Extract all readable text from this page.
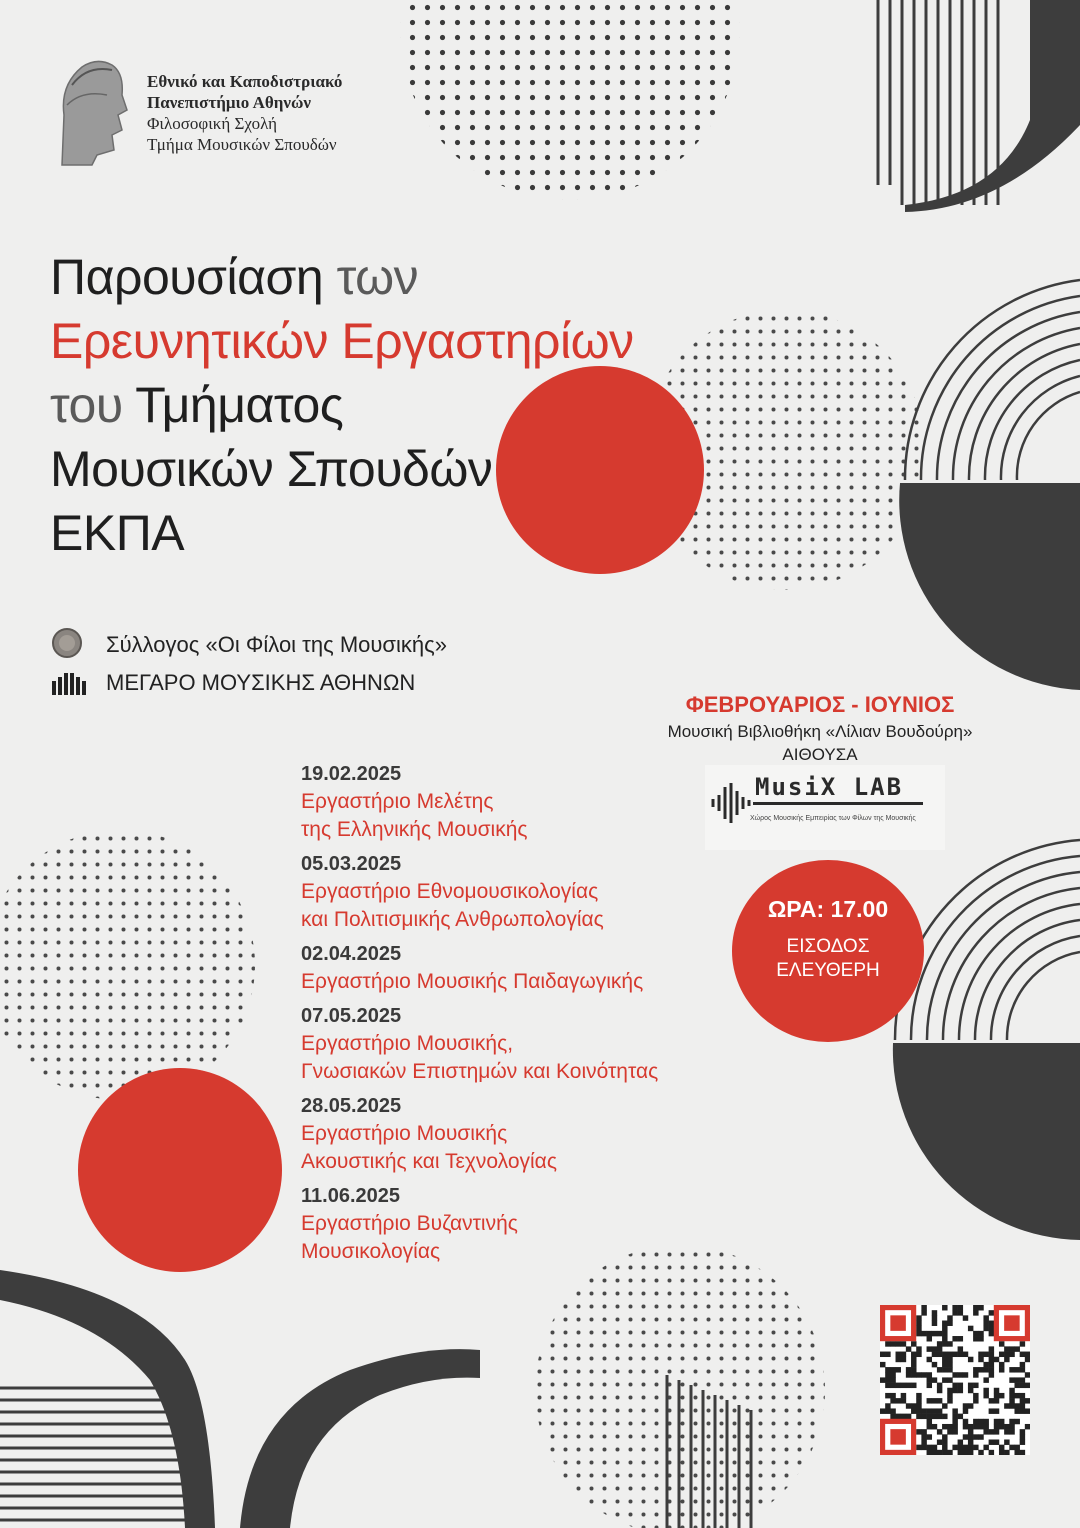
Εθνικό και Καποδιστριακό
Πανεπιστήμιο Αθηνών
Φιλοσοφική Σχολή
Τμήμα Μουσικών Σπουδών
Παρουσίαση των
Ερευνητικών Εργαστηρίων
του Τμήματος
Μουσικών Σπουδών
ΕΚΠΑ
Σύλλογος «Οι Φίλοι της Μουσικής»
ΜΕΓΑΡΟ ΜΟΥΣΙΚΗΣ ΑΘΗΝΩΝ
ΦΕΒΡΟΥΑΡΙΟΣ - ΙΟΥΝΙΟΣ
Μουσική Βιβλιοθήκη «Λίλιαν Βουδούρη»
ΑΙΘΟΥΣΑ
MusiX LAB
Χώρος Μουσικής Εμπειρίας των Φίλων της Μουσικής
ΩΡΑ: 17.00
ΕΙΣΟΔΟΣ
ΕΛΕΥΘΕΡΗ
19.02.2025
Εργαστήριο Μελέτης
της Ελληνικής Μουσικής
05.03.2025
Εργαστήριο Εθνομουσικολογίας
και Πολιτισμικής Ανθρωπολογίας
02.04.2025
Εργαστήριο Μουσικής Παιδαγωγικής
07.05.2025
Εργαστήριο Μουσικής,
Γνωσιακών Επιστημών και Κοινότητας
28.05.2025
Εργαστήριο Μουσικής
Ακουστικής και Τεχνολογίας
11.06.2025
Εργαστήριο Βυζαντινής
Μουσικολογίας
